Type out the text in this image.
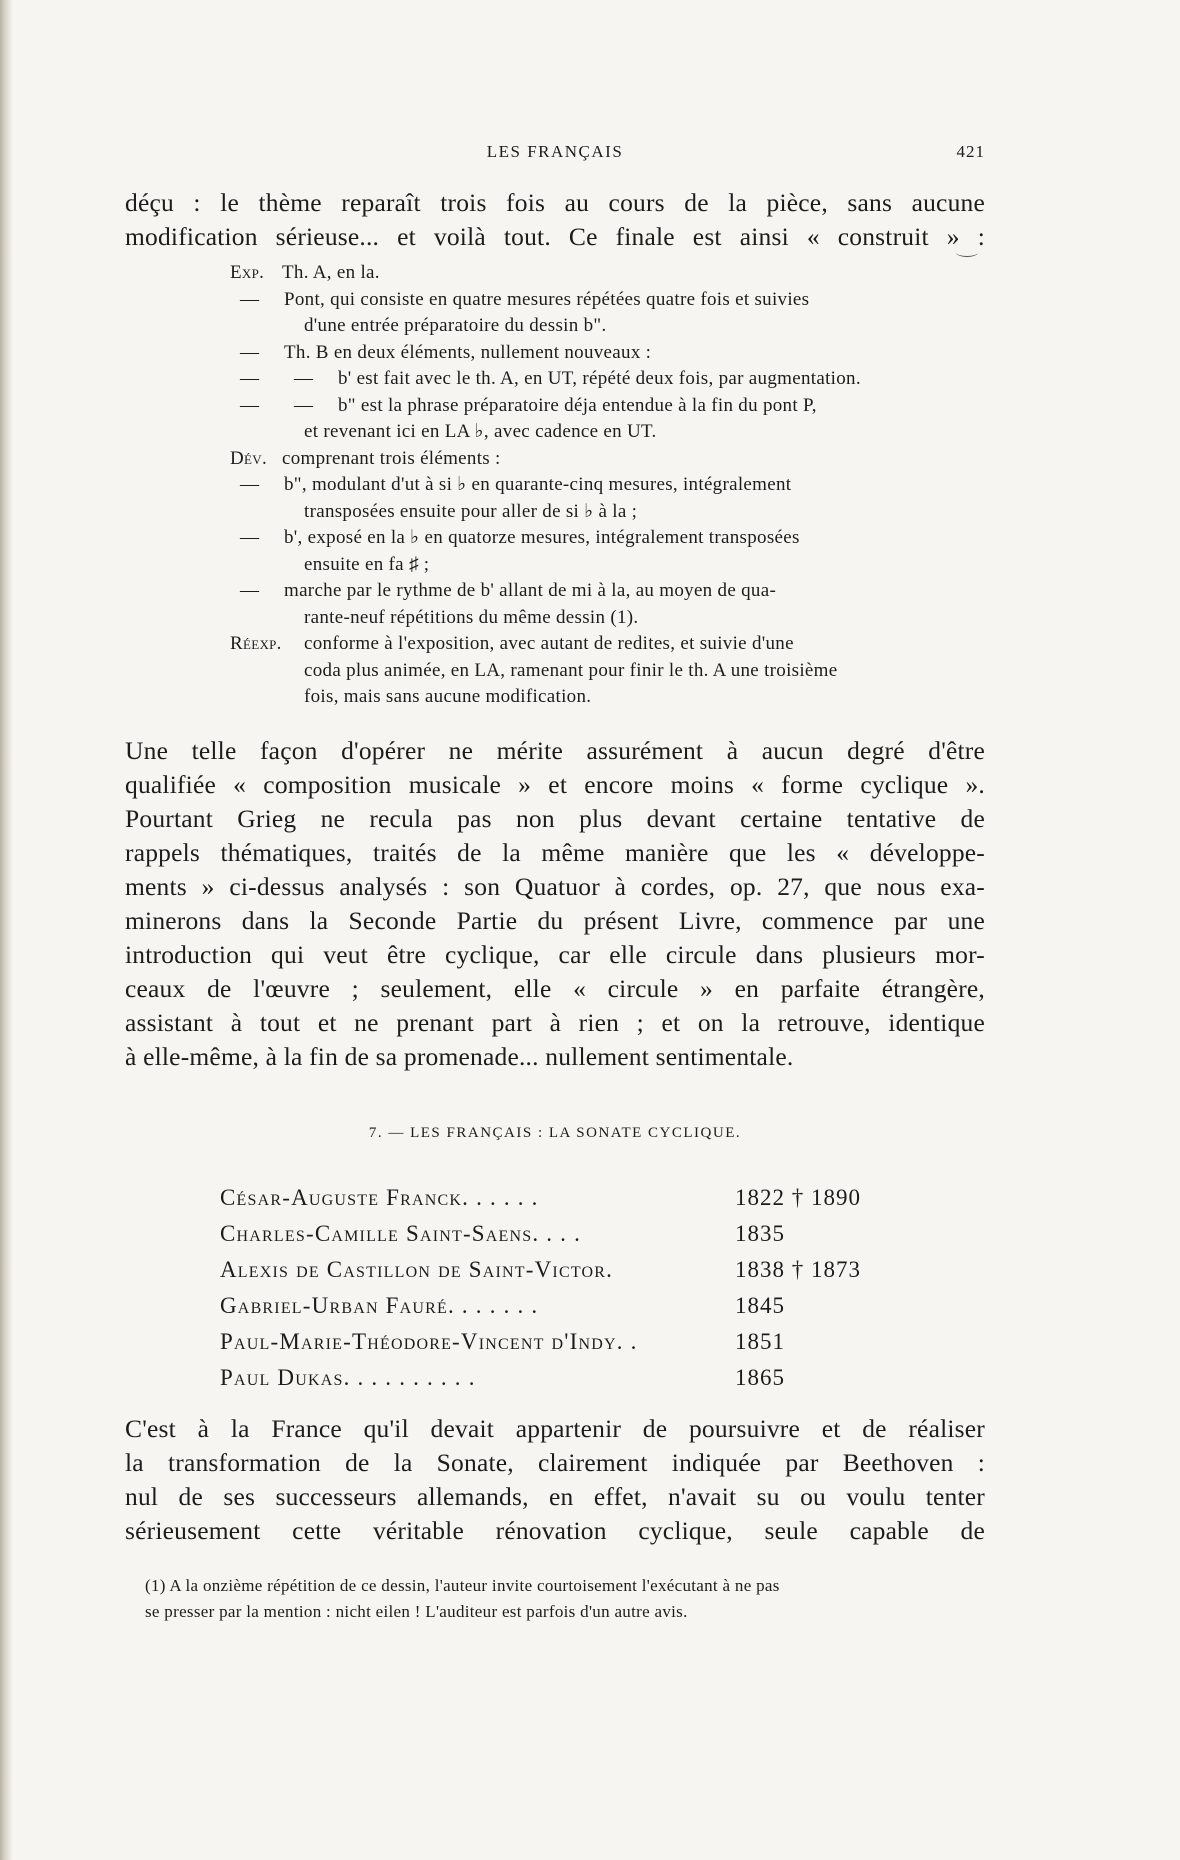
LES FRANÇAIS	421
déçu : le thème reparaît trois fois au cours de la pièce, sans aucune
modification sérieuse... et voilà tout. Ce finale est ainsi « construit » :
Exp. Th. A, en la.
— Pont, qui consiste en quatre mesures répétées quatre fois et suivies
d'une entrée préparatoire du dessin b".
— Th. B en deux éléments, nullement nouveaux :
— — b' est fait avec le th. A, en UT, répété deux fois, par augmentation.
— — b" est la phrase préparatoire déja entendue à la fin du pont P,
et revenant ici en LA ♭, avec cadence en UT.
Dév. comprenant trois éléments :
— b", modulant d'ut à si ♭ en quarante-cinq mesures, intégralement
transposées ensuite pour aller de si ♭ à la ;
— b', exposé en la ♭ en quatorze mesures, intégralement transposées
ensuite en fa ♯ ;
— marche par le rythme de b' allant de mi à la, au moyen de qua-
rante-neuf répétitions du même dessin (1).
Réexp. conforme à l'exposition, avec autant de redites, et suivie d'une
coda plus animée, en LA, ramenant pour finir le th. A une troisième
fois, mais sans aucune modification.
Une telle façon d'opérer ne mérite assurément à aucun degré d'être
qualifiée « composition musicale » et encore moins « forme cyclique ».
Pourtant Grieg ne recula pas non plus devant certaine tentative de
rappels thématiques, traités de la même manière que les « développe-
ments » ci-dessus analysés : son Quatuor à cordes, op. 27, que nous exa-
minerons dans la Seconde Partie du présent Livre, commence par une
introduction qui veut être cyclique, car elle circule dans plusieurs mor-
ceaux de l'œuvre ; seulement, elle « circule » en parfaite étrangère,
assistant à tout et ne prenant part à rien ; et on la retrouve, identique
à elle-même, à la fin de sa promenade... nullement sentimentale.
7. — LES FRANÇAIS : LA SONATE CYCLIQUE.
César-Auguste Franck. . . . . .	1822 † 1890
Charles-Camille Saint-Saens. . . .	1835
Alexis de Castillon de Saint-Victor.	1838 † 1873
Gabriel-Urban Fauré. . . . . . .	1845
Paul-Marie-Théodore-Vincent d'Indy. .	1851
Paul Dukas. . . . . . . . . .	1865
C'est à la France qu'il devait appartenir de poursuivre et de réaliser
la transformation de la Sonate, clairement indiquée par Beethoven :
nul de ses successeurs allemands, en effet, n'avait su ou voulu tenter
sérieusement cette véritable rénovation cyclique, seule capable de
(1) A la onzième répétition de ce dessin, l'auteur invite courtoisement l'exécutant à ne pas
se presser par la mention : nicht eilen ! L'auditeur est parfois d'un autre avis.
